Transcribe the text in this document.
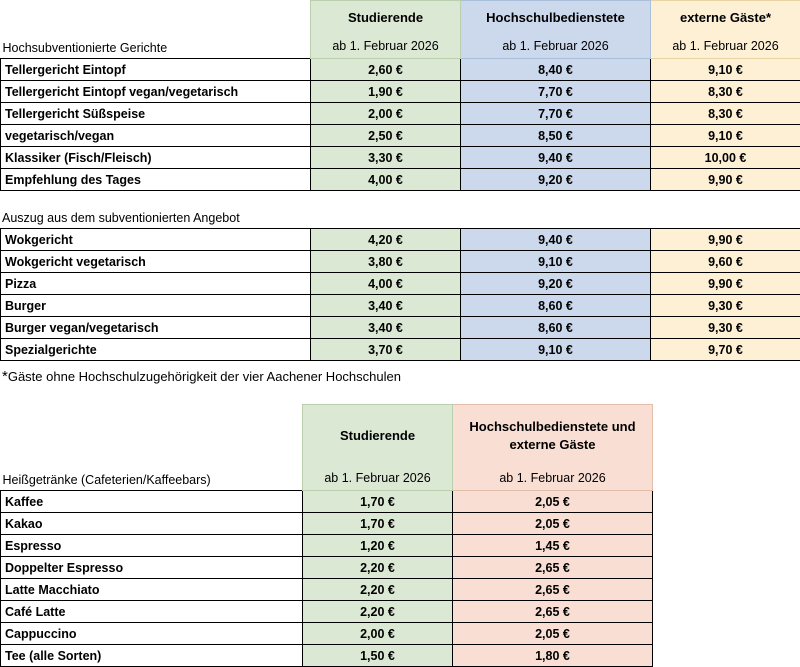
	Studierende	Hochschulbedienstete	externe Gäste*
Hochsubventionierte Gerichte	ab 1. Februar 2026	ab 1. Februar 2026	ab 1. Februar 2026
Tellergericht Eintopf	2,60 €	8,40 €	9,10 €
Tellergericht Eintopf vegan/vegetarisch	1,90 €	7,70 €	8,30 €
Tellergericht Süßspeise	2,00 €	7,70 €	8,30 €
vegetarisch/vegan	2,50 €	8,50 €	9,10 €
Klassiker (Fisch/Fleisch)	3,30 €	9,40 €	10,00 €
Empfehlung des Tages	4,00 €	9,20 €	9,90 €
Auszug aus dem subventionierten Angebot
Wokgericht	4,20 €	9,40 €	9,90 €
Wokgericht vegetarisch	3,80 €	9,10 €	9,60 €
Pizza	4,00 €	9,20 €	9,90 €
Burger	3,40 €	8,60 €	9,30 €
Burger vegan/vegetarisch	3,40 €	8,60 €	9,30 €
Spezialgerichte	3,70 €	9,10 €	9,70 €
*Gäste ohne Hochschulzugehörigkeit der vier Aachener Hochschulen
	Studierende	Hochschulbedienstete und externe Gäste
Heißgetränke (Cafeterien/Kaffeebars)	ab 1. Februar 2026	ab 1. Februar 2026
Kaffee	1,70 €	2,05 €
Kakao	1,70 €	2,05 €
Espresso	1,20 €	1,45 €
Doppelter Espresso	2,20 €	2,65 €
Latte Macchiato	2,20 €	2,65 €
Café Latte	2,20 €	2,65 €
Cappuccino	2,00 €	2,05 €
Tee (alle Sorten)	1,50 €	1,80 €
